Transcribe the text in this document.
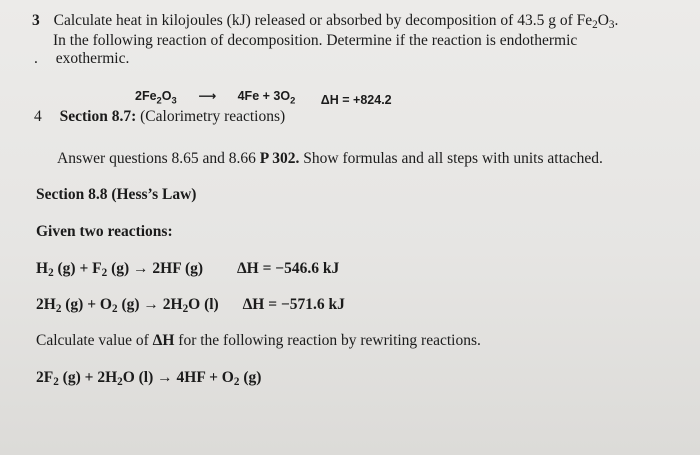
3 Calculate heat in kilojoules (kJ) released or absorbed by decomposition of 43.5 g of $Fe_2O_3$.
In the following reaction of decomposition. Determine if the reaction is endothermic
. exothermic.
$2Fe_2O_3$ ⟶ $4Fe + 3O_2$ ΔH = +824.2
4 Section 8.7: (Calorimetry reactions)
Answer questions 8.65 and 8.66 P 302. Show formulas and all steps with units attached.
Section 8.8 (Hess’s Law)
Given two reactions:
$H_2$ $(g) + F_2$ (g) → 2HF (g) ΔH = −546.6 kJ
$2H_2$ $(g) + O_2$ $(g) \to 2H_2O$ (l) ΔH = −571.6 kJ
Calculate value of ΔH for the following reaction by rewriting reactions.
$2F_2$ $(g) + 2H_2O$ $(l) \to 4HF + O_2$ (g)
